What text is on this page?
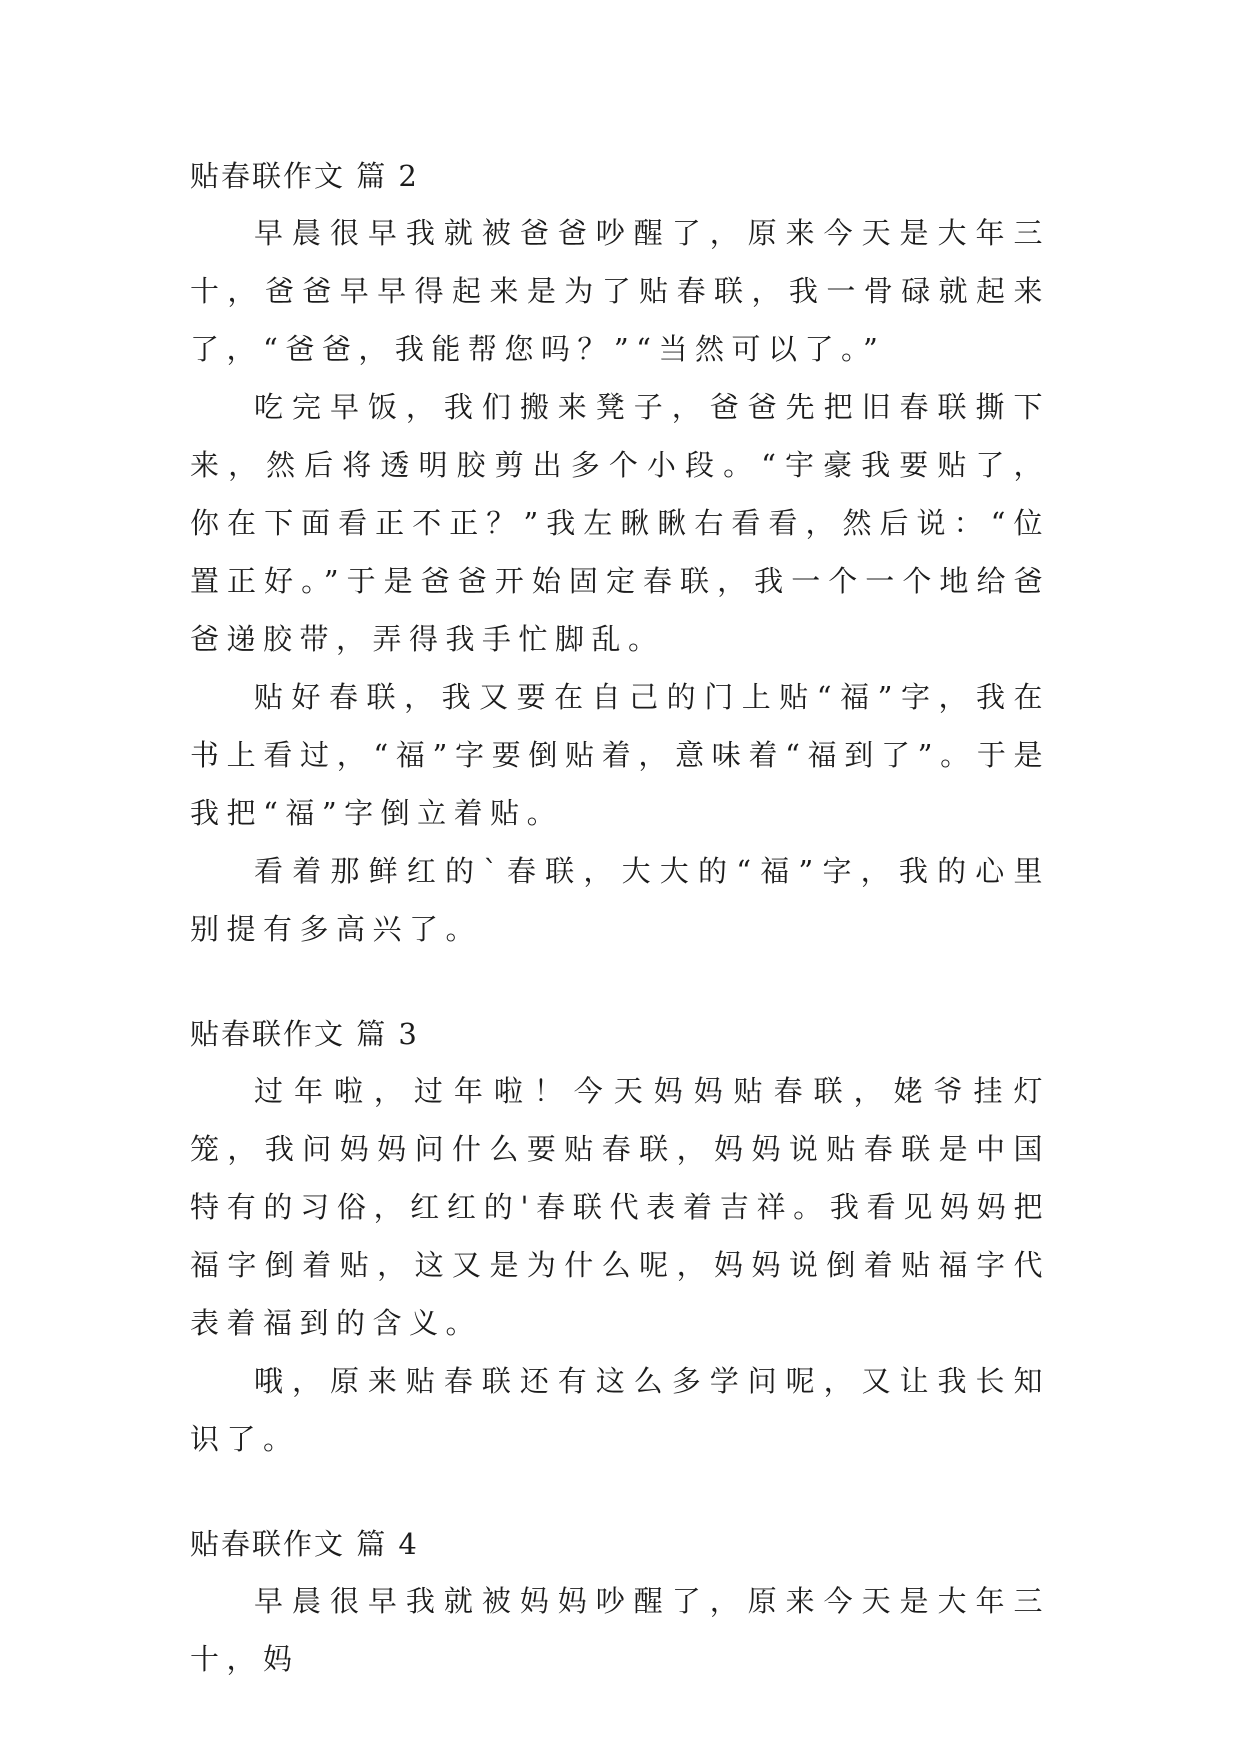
贴春联作文 篇 2

早晨很早我就被爸爸吵醒了，原来今天是大年三十，爸爸早早得起来是为了贴春联，我一骨碌就起来了，“爸爸，我能帮您吗？”“当然可以了。”

吃完早饭，我们搬来凳子，爸爸先把旧春联撕下来，然后将透明胶剪出多个小段。“宇豪我要贴了，你在下面看正不正？”我左瞅瞅右看看，然后说：“位置正好。”于是爸爸开始固定春联，我一个一个地给爸爸递胶带，弄得我手忙脚乱。

贴好春联，我又要在自己的门上贴“福”字，我在书上看过，“福”字要倒贴着，意味着“福到了”。于是我把“福”字倒立着贴。

看着那鲜红的`春联，大大的“福”字，我的心里别提有多高兴了。

贴春联作文 篇 3

过年啦，过年啦！今天妈妈贴春联，姥爷挂灯笼，我问妈妈问什么要贴春联，妈妈说贴春联是中国特有的习俗，红红的'春联代表着吉祥。我看见妈妈把福字倒着贴，这又是为什么呢，妈妈说倒着贴福字代表着福到的含义。

哦，原来贴春联还有这么多学问呢，又让我长知识了。

贴春联作文 篇 4

早晨很早我就被妈妈吵醒了，原来今天是大年三十，妈
